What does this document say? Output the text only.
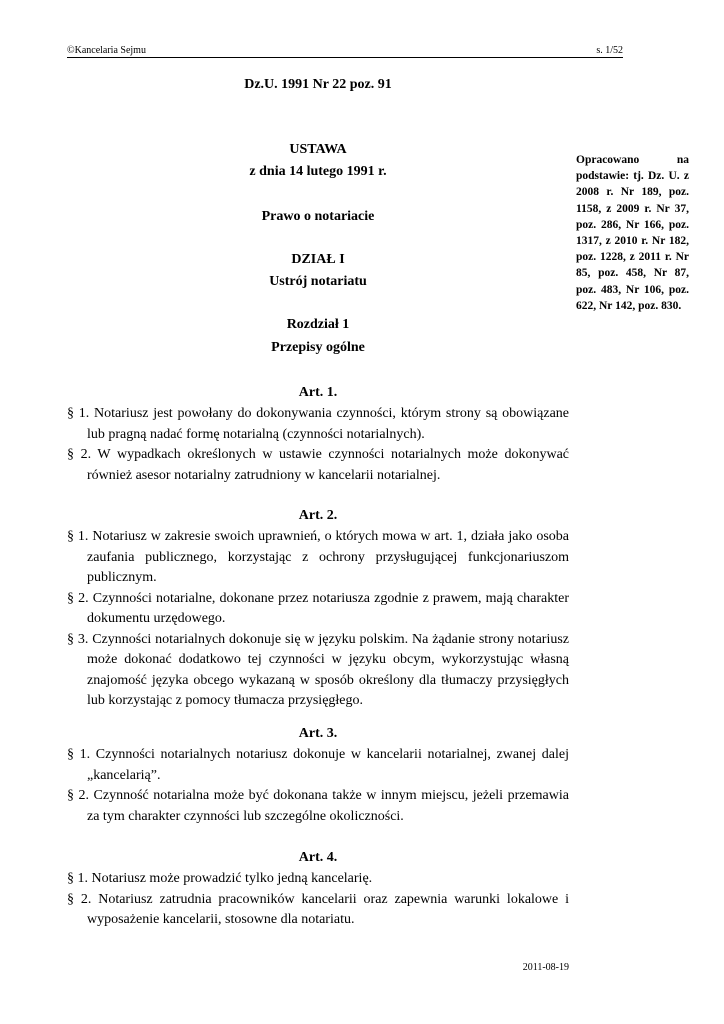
©Kancelaria Sejmu	s. 1/52
Dz.U. 1991 Nr 22 poz. 91
USTAWA
z dnia 14 lutego 1991 r.
Prawo o notariacie
DZIAŁ I
Ustrój notariatu
Rozdział 1
Przepisy ogólne
Opracowano na podstawie: tj. Dz. U. z 2008 r. Nr 189, poz. 1158, z 2009 r. Nr 37, poz. 286, Nr 166, poz. 1317, z 2010 r. Nr 182, poz. 1228, z 2011 r. Nr 85, poz. 458, Nr 87, poz. 483, Nr 106, poz. 622, Nr 142, poz. 830.
Art. 1.
§ 1. Notariusz jest powołany do dokonywania czynności, którym strony są obowiązane lub pragną nadać formę notarialną (czynności notarialnych).
§ 2. W wypadkach określonych w ustawie czynności notarialnych może dokonywać również asesor notarialny zatrudniony w kancelarii notarialnej.
Art. 2.
§ 1. Notariusz w zakresie swoich uprawnień, o których mowa w art. 1, działa jako osoba zaufania publicznego, korzystając z ochrony przysługującej funkcjonariuszom publicznym.
§ 2. Czynności notarialne, dokonane przez notariusza zgodnie z prawem, mają charakter dokumentu urzędowego.
§ 3. Czynności notarialnych dokonuje się w języku polskim. Na żądanie strony notariusz może dokonać dodatkowo tej czynności w języku obcym, wykorzystując własną znajomość języka obcego wykazaną w sposób określony dla tłumaczy przysięgłych lub korzystając z pomocy tłumacza przysięgłego.
Art. 3.
§ 1. Czynności notarialnych notariusz dokonuje w kancelarii notarialnej, zwanej dalej „kancelarią”.
§ 2. Czynność notarialna może być dokonana także w innym miejscu, jeżeli przemawia za tym charakter czynności lub szczególne okoliczności.
Art. 4.
§ 1. Notariusz może prowadzić tylko jedną kancelarię.
§ 2. Notariusz zatrudnia pracowników kancelarii oraz zapewnia warunki lokalowe i wyposażenie kancelarii, stosowne dla notariatu.
2011-08-19
